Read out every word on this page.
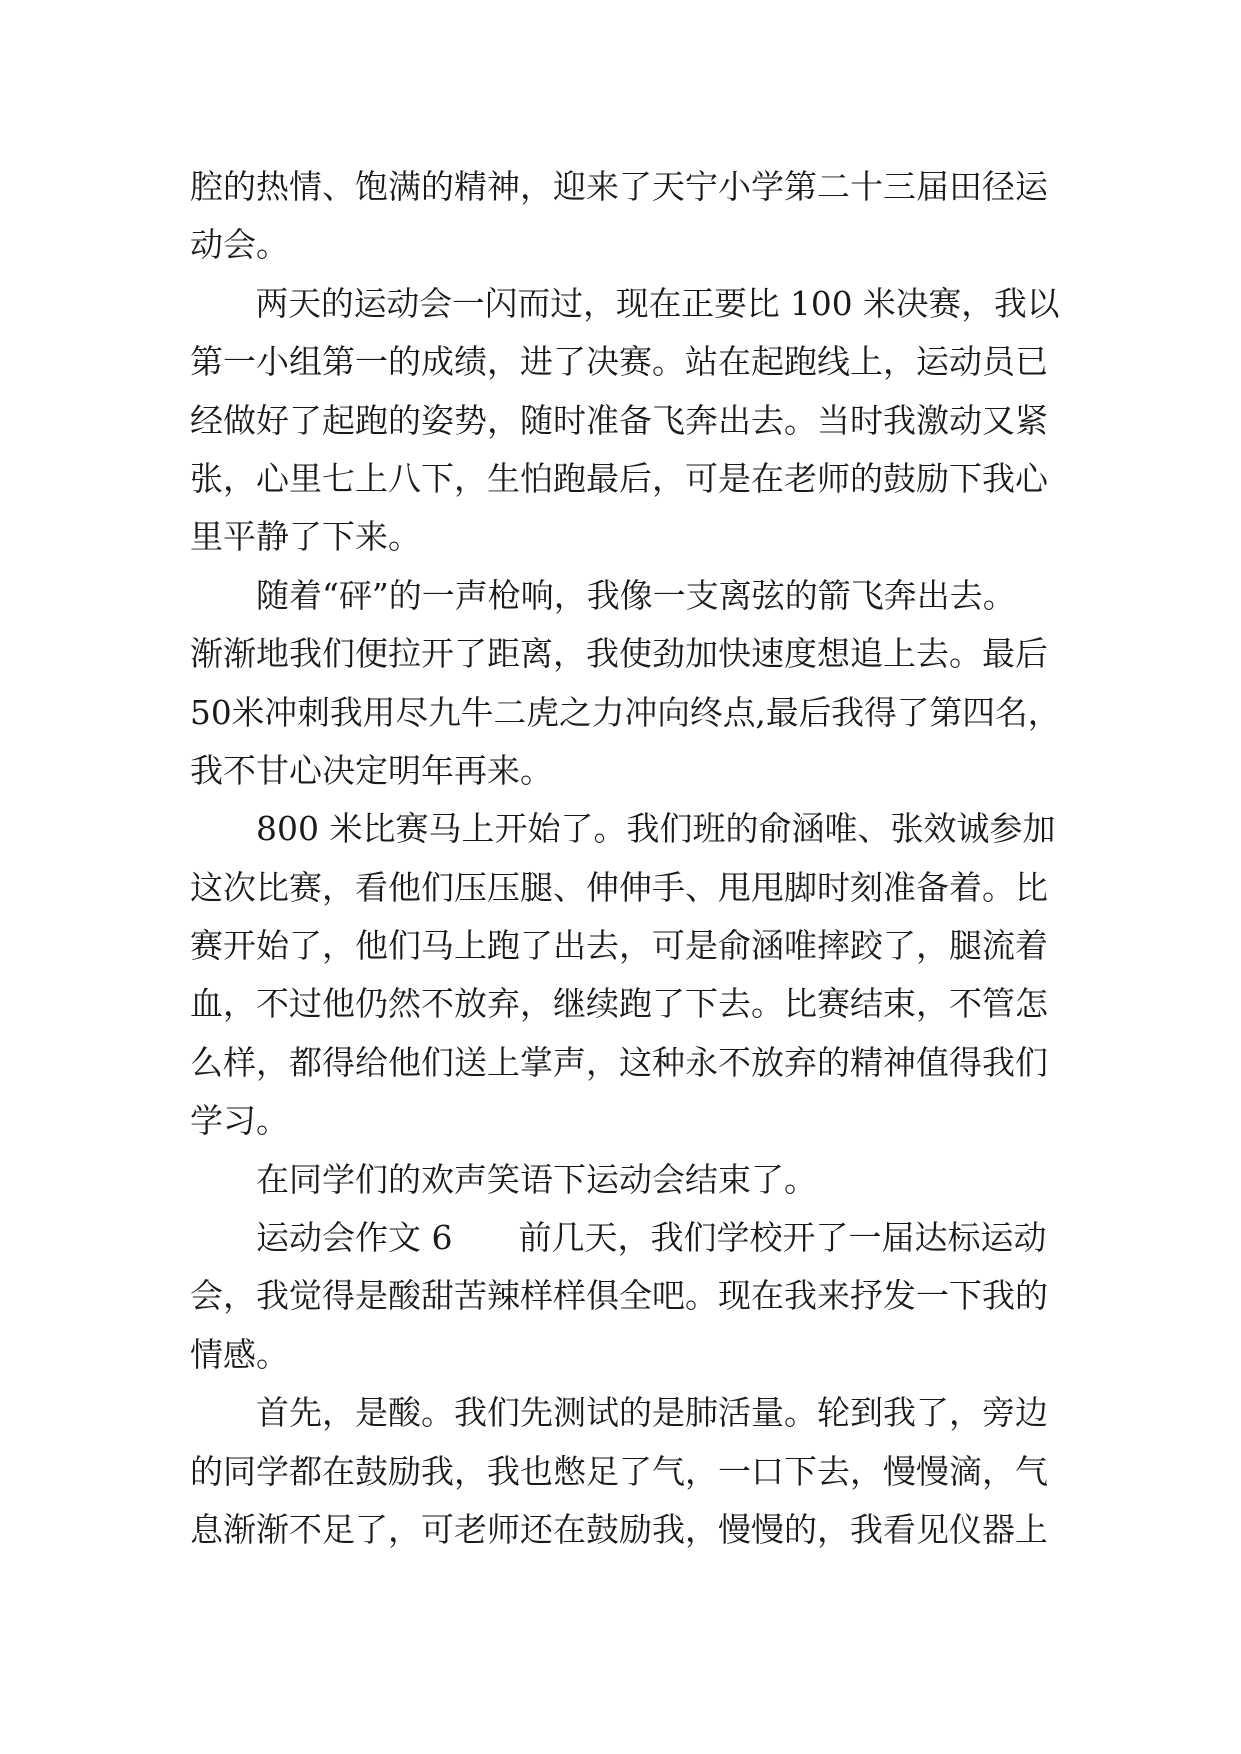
腔的热情、饱满的精神，迎来了天宁小学第二十三届田径运
动会。
两天的运动会一闪而过，现在正要比 100 米决赛，我以
第一小组第一的成绩，进了决赛。站在起跑线上，运动员已
经做好了起跑的姿势，随时准备飞奔出去。当时我激动又紧
张，心里七上八下，生怕跑最后，可是在老师的鼓励下我心
里平静了下来。
随着“砰”的一声枪响，我像一支离弦的箭飞奔出去。
渐渐地我们便拉开了距离，我使劲加快速度想追上去。最后
50米冲刺我用尽九牛二虎之力冲向终点,最后我得了第四名，
我不甘心决定明年再来。
800 米比赛马上开始了。我们班的俞涵唯、张效诚参加
这次比赛，看他们压压腿、伸伸手、甩甩脚时刻准备着。比
赛开始了，他们马上跑了出去，可是俞涵唯摔跤了，腿流着
血，不过他仍然不放弃，继续跑了下去。比赛结束，不管怎
么样，都得给他们送上掌声，这种永不放弃的精神值得我们
学习。
在同学们的欢声笑语下运动会结束了。
运动会作文 6　　前几天，我们学校开了一届达标运动
会，我觉得是酸甜苦辣样样俱全吧。现在我来抒发一下我的
情感。
首先，是酸。我们先测试的是肺活量。轮到我了，旁边
的同学都在鼓励我，我也憋足了气，一口下去，慢慢滴，气
息渐渐不足了，可老师还在鼓励我，慢慢的，我看见仪器上
